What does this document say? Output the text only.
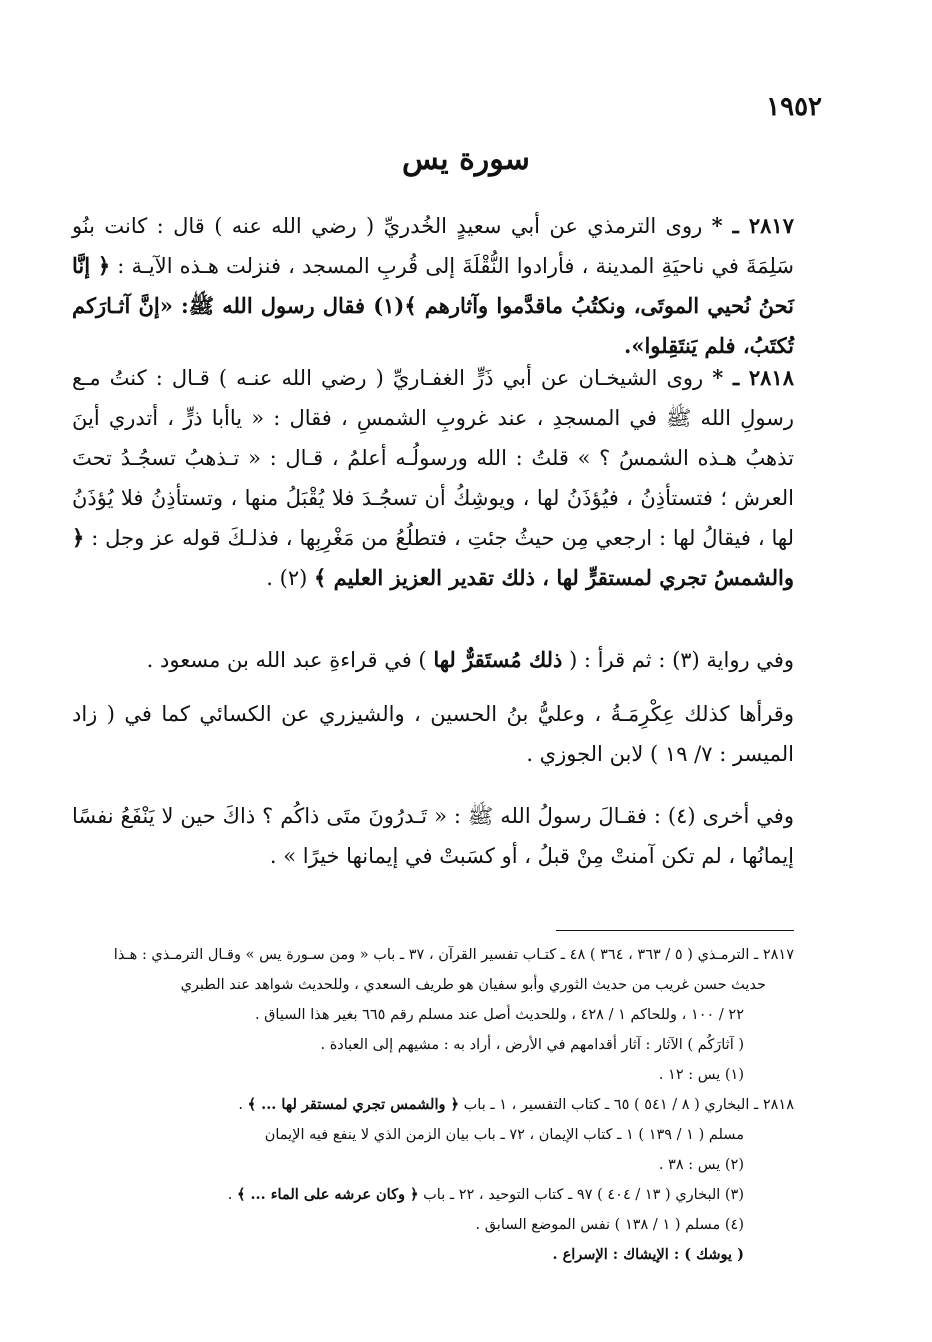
١٩٥٢
سورة يس
٢٨١٧ ـ * روى الترمذي عن أبي سعيدٍ الخُدريِّ ( رضي الله عنه ) قال : كانت بنُو سَلِمَةَ في ناحيَةِ المدينة ، فأرادوا النُّقْلَةَ إلى قُربِ المسجد ، فنزلت هـذه الآيـة : ﴿ إنَّا نَحنُ نُحيي الموتَى، ونكتُبُ ماقدَّموا وآثارهم ﴾(١) فقال رسول الله ﷺ: «إنَّ آثـارَكم تُكتَبُ، فلم يَنتَقِلوا».
٢٨١٨ ـ * روى الشيخـان عن أبي ذَرٍّ الغفـاريِّ ( رضي الله عنـه ) قـال : كنتُ مـع رسولِ الله ﷺ في المسجدِ ، عند غروبِ الشمسِ ، فقال : « ياأبا ذرٍّ ، أتدري أينَ تذهبُ هـذه الشمسُ ؟ » قلتُ : الله ورسولُـه أعلمُ ، قـال : « تـذهبُ تسجُـدُ تحتَ العرش ؛ فتستأذِنُ ، فيُؤذَنُ لها ، ويوشِكُ أن تسجُـدَ فلا يُقْبَلُ منها ، وتستأذِنُ فلا يُؤذَنُ لها ، فيقالُ لها : ارجعي مِن حيثُ جئتِ ، فتطلُعُ من مَغْرِبِها ، فذلـكَ قوله عز وجل : ﴿ والشمسُ تجري لمستقرٍّ لها ، ذلك تقدير العزيز العليم ﴾ (٢) .
وفي رواية (٣) : ثم قرأ : ( ذلك مُستَقرٌّ لها ) في قراءةِ عبد الله بن مسعود .
وقرأها كذلك عِكْرِمَـةُ ، وعليُّ بنُ الحسين ، والشيزري عن الكسائي كما في ( زاد الميسر : ٧/ ١٩ ) لابن الجوزي .
وفي أخرى (٤) : فقـالَ رسولُ الله ﷺ : « تَـدرُونَ متَى ذاكُم ؟ ذاكَ حين لا يَنْفَعُ نفسًا إيمانُها ، لم تكن آمنتْ مِنْ قبلُ ، أو كسَبتْ في إيمانها خيرًا » .
٢٨١٧ ـ الترمـذي ( ٥ / ٣٦٣ ، ٣٦٤ ) ٤٨ ـ كتـاب تفسير القرآن ، ٣٧ ـ باب « ومن سـورة يس » وقـال الترمـذي : هـذا
حديث حسن غريب من حديث الثوري وأبو سفيان هو طريف السعدي ، وللحديث شواهد عند الطبري
٢٢ / ١٠٠ ، وللحاكم ١ / ٤٢٨ ، وللحديث أصل عند مسلم رقم ٦٦٥ بغير هذا السياق .
( آثارَكُم ) الآثار : آثار أقدامهم في الأرض ، أراد به : مشيهم إلى العبادة .
(١) يس : ١٢ .
٢٨١٨ ـ البخاري ( ٨ / ٥٤١ ) ٦٥ ـ كتاب التفسير ، ١ ـ باب ﴿ والشمس تجري لمستقر لها ... ﴾ .
مسلم ( ١ / ١٣٩ ) ١ ـ كتاب الإيمان ، ٧٢ ـ باب بيان الزمن الذي لا ينفع فيه الإيمان
(٢) يس : ٣٨ .
(٣) البخاري ( ١٣ / ٤٠٤ ) ٩٧ ـ كتاب التوحيد ، ٢٢ ـ باب ﴿ وكان عرشه على الماء ... ﴾ .
(٤) مسلم ( ١ / ١٣٨ ) نفس الموضع السابق .
( يوشك ) : الإيشاك : الإسراع .
